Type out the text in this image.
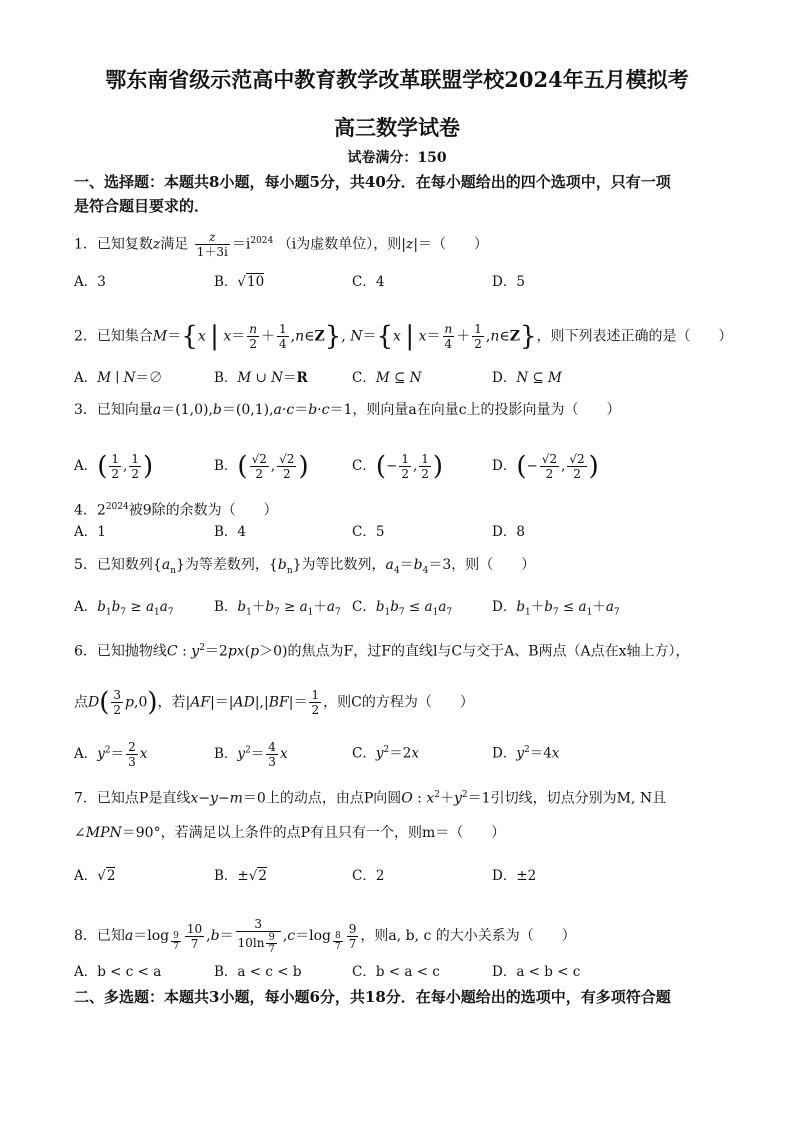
鄂东南省级示范高中教育教学改革联盟学校2024年五月模拟考
高三数学试卷
试卷满分：150
一、选择题：本题共8小题，每小题5分，共40分．在每小题给出的四个选项中，只有一项
是符合题目要求的．
1．已知复数z满足 $\frac{z}{1+3i} =i^{2024}$ （i为虚数单位），则|z|＝（　　）
A．3	B．√10	C．4	D．5
2．已知集合M＝{x | $x= \frac{n}{2} + \frac{1}{4}$ ,n∈Z}, N＝{x | $x= \frac{n}{4} + \frac{1}{2}$ ,n∈Z}，则下列表述正确的是（　　）
A．M ∣ N＝∅	B．M ∪ N＝R	C．M ⊆ N	D．N ⊆ M
3．已知向量a＝(1,0),b＝(0,1),a·c＝b·c＝1，则向量a在向量c上的投影向量为（　　）
A．( $\frac{1}{2}$ , $\frac{1}{2}$ )	B．( $\frac{√2}{2}$ , $\frac{√2}{2}$ )	C．(− $\frac{1}{2}$ , $\frac{1}{2}$ )	D．(− $\frac{√2}{2}$ , $\frac{√2}{2}$ )
4．$2^{2024}$被9除的余数为（　　）
A．1	B．4	C．5	D．8
5．已知数列$\{a_n\}$为等差数列，$\{b_n\}$为等比数列，$a_4=b_4=3$，则（　　）
A．$b_1b_7 \ge a_1a_7$	B．$b_1+b_7 \ge a_1+a_7$ C．$b_1b_7 \le a_1a_7$	D．$b_1+b_7 \le a_1+a_7$
6．已知抛物线C : $y^2=2px(p>0)$的焦点为F，过F的直线l与C与交于A、B两点（A点在x轴上方），
点$D( \frac{3}{2} p,0)$，若$|AF|=|AD|,|BF|= \frac{1}{2}$ ，则C的方程为（　　）
A．$y^2= \frac{2}{3}$ x	B．$y^2= \frac{4}{3}$ x	C．$y^2=2x$	D．$y^2=4x$
7．已知点P是直线x−y−m＝0上的动点，由点P向圆O : $x^2+y^2=1$引切线，切点分别为M, N且
∠MPN＝90°，若满足以上条件的点P有且只有一个，则m＝（　　）
A．√2	B．±√2	C．2	D．±2
8．已知a＝log $_{\frac{9}{7}} \frac{10}{7} ,b= \frac{3}{10\ln \frac{9}{7}} ,c=\log$ $_{\frac{8}{7}} \frac{9}{7}$ ，则a, b, c 的大小关系为（　　）
A．b < c < a	B．a < c < b	C．b < a < c	D．a < b < c
二、多选题：本题共3小题，每小题6分，共18分．在每小题给出的选项中，有多项符合题
